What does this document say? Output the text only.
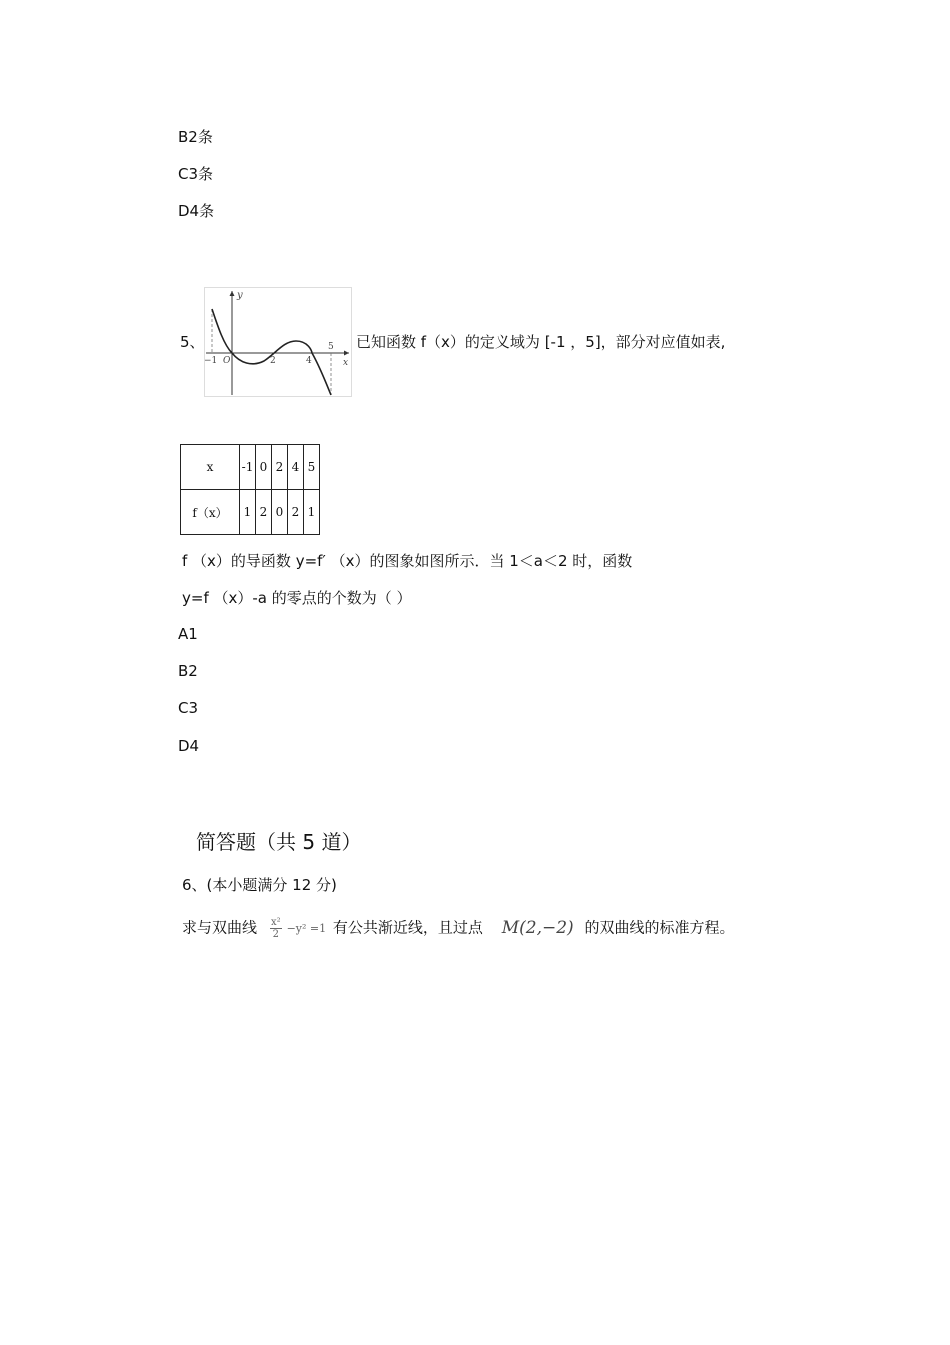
B2条
C3条
D4条
5、
y
x
O
−1	2	4
5 已知函数 f（x）的定义域为 [-1 ，5]，部分对应值如表,
x	-1	0	2	4	5
f（x）	1	2	0	2	1
f （x）的导函数 y=f′ （x）的图象如图所示．当 1＜a＜2 时，函数
y=f （x）-a 的零点的个数为（ ）
A1
B2
C3
D4
简答题（共 5 道）
6、(本小题满分 12 分)
求与双曲线 $\frac{\text{x²}}{2} -y^2 =1$ 有公共渐近线，且过点 M(2,−2) 的双曲线的标准方程。
